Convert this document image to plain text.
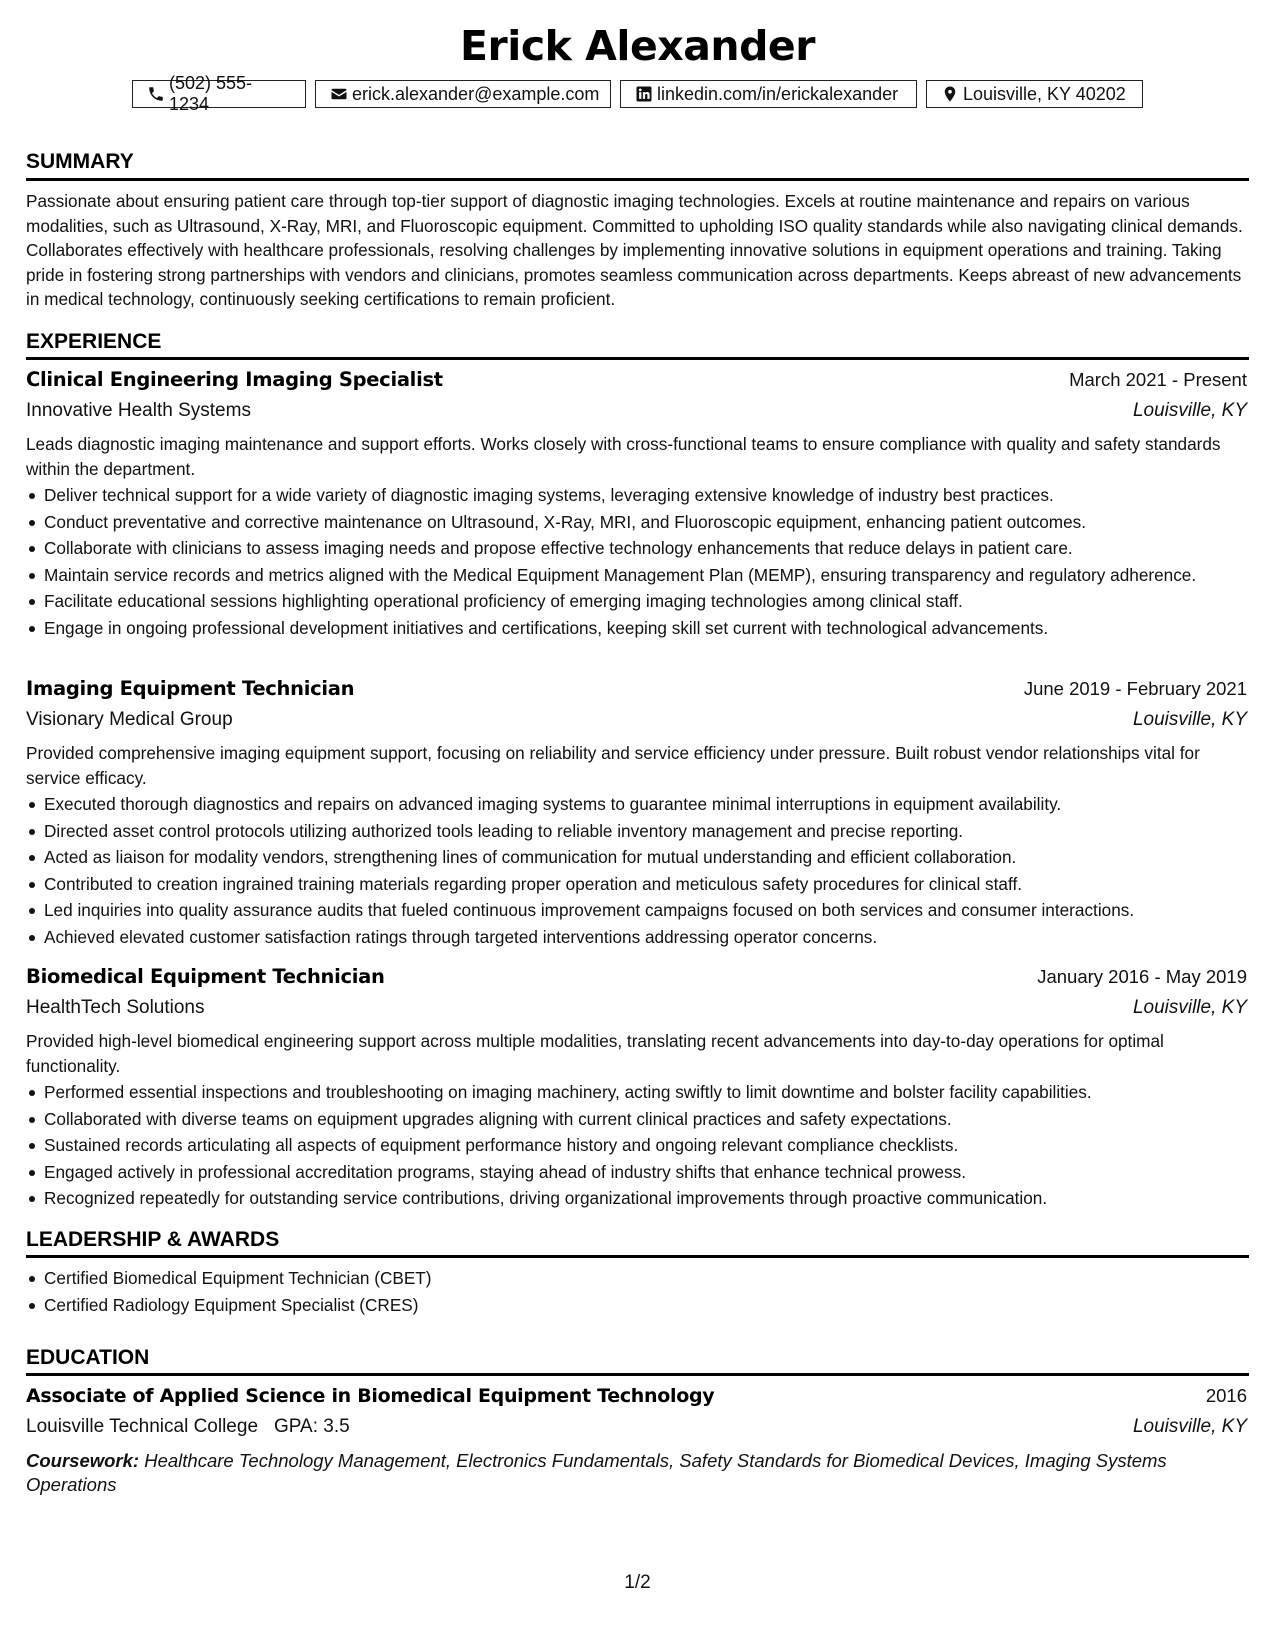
Erick Alexander
(502) 555-1234
erick.alexander@example.com	linkedin.com/in/erickalexander	Louisville, KY 40202
SUMMARY
Passionate about ensuring patient care through top-tier support of diagnostic imaging technologies. Excels at routine maintenance and repairs on various modalities, such as Ultrasound, X-Ray, MRI, and Fluoroscopic equipment. Committed to upholding ISO quality standards while also navigating clinical demands. Collaborates effectively with healthcare professionals, resolving challenges by implementing innovative solutions in equipment operations and training. Taking pride in fostering strong partnerships with vendors and clinicians, promotes seamless communication across departments. Keeps abreast of new advancements in medical technology, continuously seeking certifications to remain proficient.
EXPERIENCE
Clinical Engineering Imaging Specialist	March 2021 - Present
Innovative Health Systems	Louisville, KY
Leads diagnostic imaging maintenance and support efforts. Works closely with cross-functional teams to ensure compliance with quality and safety standards within the department.
Deliver technical support for a wide variety of diagnostic imaging systems, leveraging extensive knowledge of industry best practices.
Conduct preventative and corrective maintenance on Ultrasound, X-Ray, MRI, and Fluoroscopic equipment, enhancing patient outcomes.
Collaborate with clinicians to assess imaging needs and propose effective technology enhancements that reduce delays in patient care.
Maintain service records and metrics aligned with the Medical Equipment Management Plan (MEMP), ensuring transparency and regulatory adherence.
Facilitate educational sessions highlighting operational proficiency of emerging imaging technologies among clinical staff.
Engage in ongoing professional development initiatives and certifications, keeping skill set current with technological advancements.
Imaging Equipment Technician	June 2019 - February 2021
Visionary Medical Group	Louisville, KY
Provided comprehensive imaging equipment support, focusing on reliability and service efficiency under pressure. Built robust vendor relationships vital for service efficacy.
Executed thorough diagnostics and repairs on advanced imaging systems to guarantee minimal interruptions in equipment availability.
Directed asset control protocols utilizing authorized tools leading to reliable inventory management and precise reporting.
Acted as liaison for modality vendors, strengthening lines of communication for mutual understanding and efficient collaboration.
Contributed to creation ingrained training materials regarding proper operation and meticulous safety procedures for clinical staff.
Led inquiries into quality assurance audits that fueled continuous improvement campaigns focused on both services and consumer interactions.
Achieved elevated customer satisfaction ratings through targeted interventions addressing operator concerns.
Biomedical Equipment Technician	January 2016 - May 2019
HealthTech Solutions	Louisville, KY
Provided high-level biomedical engineering support across multiple modalities, translating recent advancements into day-to-day operations for optimal functionality.
Performed essential inspections and troubleshooting on imaging machinery, acting swiftly to limit downtime and bolster facility capabilities.
Collaborated with diverse teams on equipment upgrades aligning with current clinical practices and safety expectations.
Sustained records articulating all aspects of equipment performance history and ongoing relevant compliance checklists.
Engaged actively in professional accreditation programs, staying ahead of industry shifts that enhance technical prowess.
Recognized repeatedly for outstanding service contributions, driving organizational improvements through proactive communication.
LEADERSHIP & AWARDS
Certified Biomedical Equipment Technician (CBET)
Certified Radiology Equipment Specialist (CRES)
EDUCATION
Associate of Applied Science in Biomedical Equipment Technology	2016
Louisville Technical College GPA: 3.5	Louisville, KY
Coursework: Healthcare Technology Management, Electronics Fundamentals, Safety Standards for Biomedical Devices, Imaging Systems Operations
1/2
